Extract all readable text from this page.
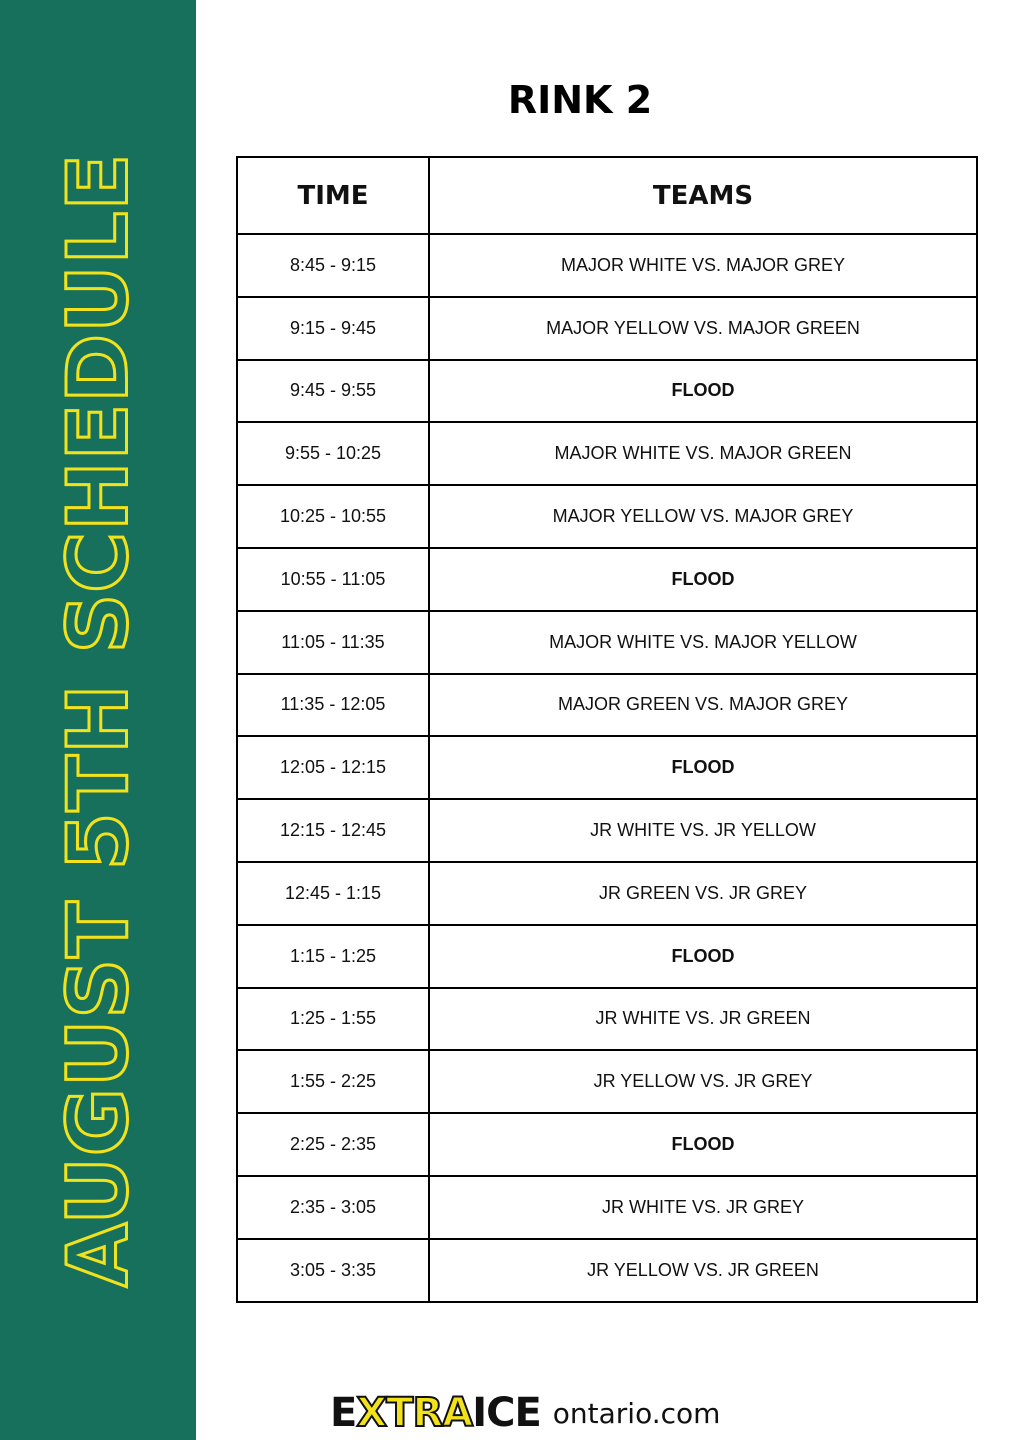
AUGUST 5TH SCHEDULE
RINK 2
TIME	TEAMS
8:45 - 9:15	MAJOR WHITE VS. MAJOR GREY
9:15 - 9:45	MAJOR YELLOW VS. MAJOR GREEN
9:45 - 9:55	FLOOD
9:55 - 10:25	MAJOR WHITE VS. MAJOR GREEN
10:25 - 10:55	MAJOR YELLOW VS. MAJOR GREY
10:55 - 11:05	FLOOD
11:05 - 11:35	MAJOR WHITE VS. MAJOR YELLOW
11:35 - 12:05	MAJOR GREEN VS. MAJOR GREY
12:05 - 12:15	FLOOD
12:15 - 12:45	JR WHITE VS. JR YELLOW
12:45 - 1:15	JR GREEN VS. JR GREY
1:15 - 1:25	FLOOD
1:25 - 1:55	JR WHITE VS. JR GREEN
1:55 - 2:25	JR YELLOW VS. JR GREY
2:25 - 2:35	FLOOD
2:35 - 3:05	JR WHITE VS. JR GREY
3:05 - 3:35	JR YELLOW VS. JR GREEN
EXTRAICE ontario.com
